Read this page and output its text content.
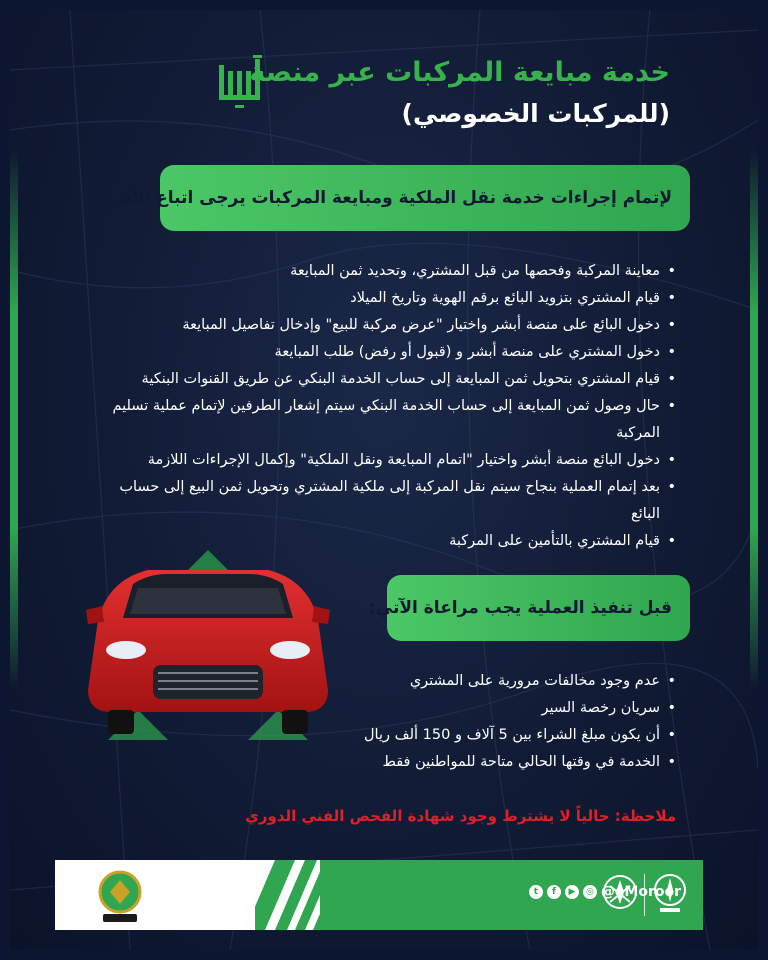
خدمة مبايعة المركبات عبر منصة
(للمركبات الخصوصي)
لإتمام إجراءات خدمة نقل الملكية ومبايعة المركبات يرجى اتباع الآتي:
• معاينة المركبة وفحصها من قبل المشتري، وتحديد ثمن المبايعة
• قيام المشتري بتزويد البائع برقم الهوية وتاريخ الميلاد
• دخول البائع على منصة أبشر واختيار "عرض مركبة للبيع" وإدخال تفاصيل المبايعة
• دخول المشتري على منصة أبشر و (قبول أو رفض) طلب المبايعة
• قيام المشتري بتحويل ثمن المبايعة إلى حساب الخدمة البنكي عن طريق القنوات البنكية
• حال وصول ثمن المبايعة إلى حساب الخدمة البنكي سيتم إشعار الطرفين لإتمام عملية تسليم المركبة
• دخول البائع منصة أبشر واختيار "اتمام المبايعة ونقل الملكية" وإكمال الإجراءات اللازمة
• بعد إتمام العملية بنجاح سيتم نقل المركبة إلى ملكية المشتري وتحويل ثمن البيع إلى حساب البائع
• قيام المشتري بالتأمين على المركبة
قبل تنفيذ العملية يجب مراعاة الآتي:
• عدم وجود مخالفات مرورية على المشتري
• سريان رخصة السير
• أن يكون مبلغ الشراء بين 5 آلاف و 150 ألف ريال
• الخدمة في وقتها الحالي متاحة للمواطنين فقط
ملاحظة: حالياً لا يشترط وجود شهادة الفحص الفني الدوري
t	f	▶	◎ @eMoroor
